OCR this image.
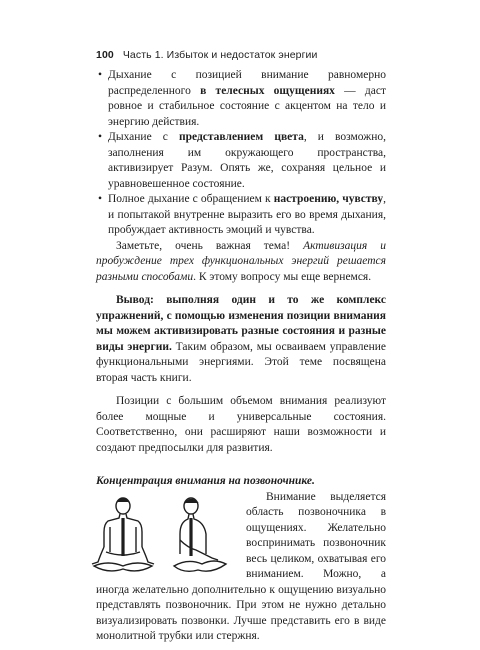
100 Часть 1. Избыток и недостаток энергии

• Дыхание с позицией внимание равномерно распределенного в телесных ощущениях — даст ровное и стабильное состояние с акцентом на тело и энергию действия.

• Дыхание с представлением цвета, и возможно, заполнения им окружающего пространства, активизирует Разум. Опять же, сохраняя цельное и уравновешенное состояние.

• Полное дыхание с обращением к настроению, чувству, и попытакой внутренне выразить его во время дыхания, пробуждает активность эмоций и чувства.

Заметьте, очень важная тема! Активизация и пробуждение трех функциональных энергий решается разными способами. К этому вопросу мы еще вернемся.

Вывод: выполняя один и то же комплекс упражнений, с помощью изменения позиции внимания мы можем активизировать разные состояния и разные виды энергии. Таким образом, мы осваиваем управление функциональными энергиями. Этой теме посвящена вторая часть книги.

Позиции с большим объемом внимания реализуют более мощные и универсальные состояния. Соответственно, они расширяют наши возможности и создают предпосылки для развития.

Концентрация внимания на позвоночнике.

Внимание выделяется область позвоночника в ощущениях. Желательно воспринимать позвоночник весь целиком, охватывая его вниманием. Можно, а иногда желательно дополнительно к ощущению визуально представлять позвоночник. При этом не нужно детально визуализировать позвонки. Лучше представить его в виде монолитной трубки или стержня.
